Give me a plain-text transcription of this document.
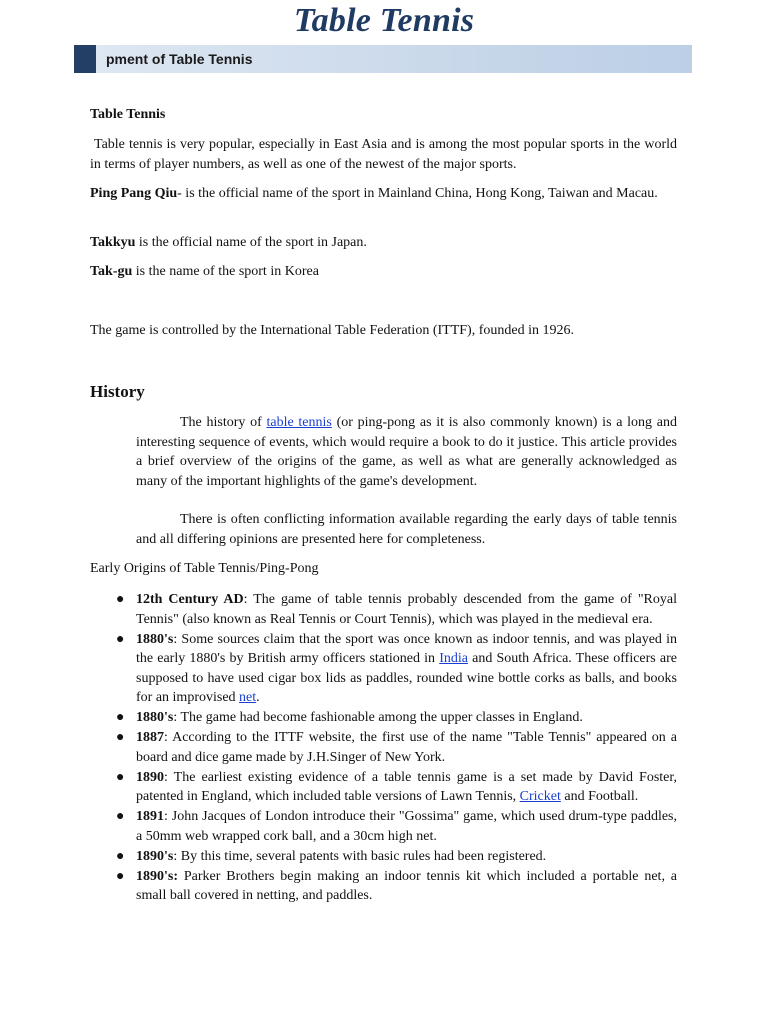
Table Tennis
pment of Table Tennis
Table Tennis

Table tennis is very popular, especially in East Asia and is among the most popular sports in the world in terms of player numbers, as well as one of the newest of the major sports.

Ping Pang Qiu- is the official name of the sport in Mainland China, Hong Kong, Taiwan and Macau.

Takkyu is the official name of the sport in Japan.

Tak-gu is the name of the sport in Korea

The game is controlled by the International Table Federation (ITTF), founded in 1926.

History

The history of table tennis (or ping-pong as it is also commonly known) is a long and interesting sequence of events, which would require a book to do it justice. This article provides a brief overview of the origins of the game, as well as what are generally acknowledged as many of the important highlights of the game's development.

There is often conflicting information available regarding the early days of table tennis and all differing opinions are presented here for completeness.

Early Origins of Table Tennis/Ping-Pong
● 12th Century AD: The game of table tennis probably descended from the game of "Royal Tennis" (also known as Real Tennis or Court Tennis), which was played in the medieval era.
● 1880's: Some sources claim that the sport was once known as indoor tennis, and was played in the early 1880's by British army officers stationed in India and South Africa. These officers are supposed to have used cigar box lids as paddles, rounded wine bottle corks as balls, and books for an improvised net.
● 1880's: The game had become fashionable among the upper classes in England.
● 1887: According to the ITTF website, the first use of the name "Table Tennis" appeared on a board and dice game made by J.H.Singer of New York.
● 1890: The earliest existing evidence of a table tennis game is a set made by David Foster, patented in England, which included table versions of Lawn Tennis, Cricket and Football.
● 1891: John Jacques of London introduce their "Gossima" game, which used drum-type paddles, a 50mm web wrapped cork ball, and a 30cm high net.
● 1890's: By this time, several patents with basic rules had been registered.
● 1890's: Parker Brothers begin making an indoor tennis kit which included a portable net, a small ball covered in netting, and paddles.
